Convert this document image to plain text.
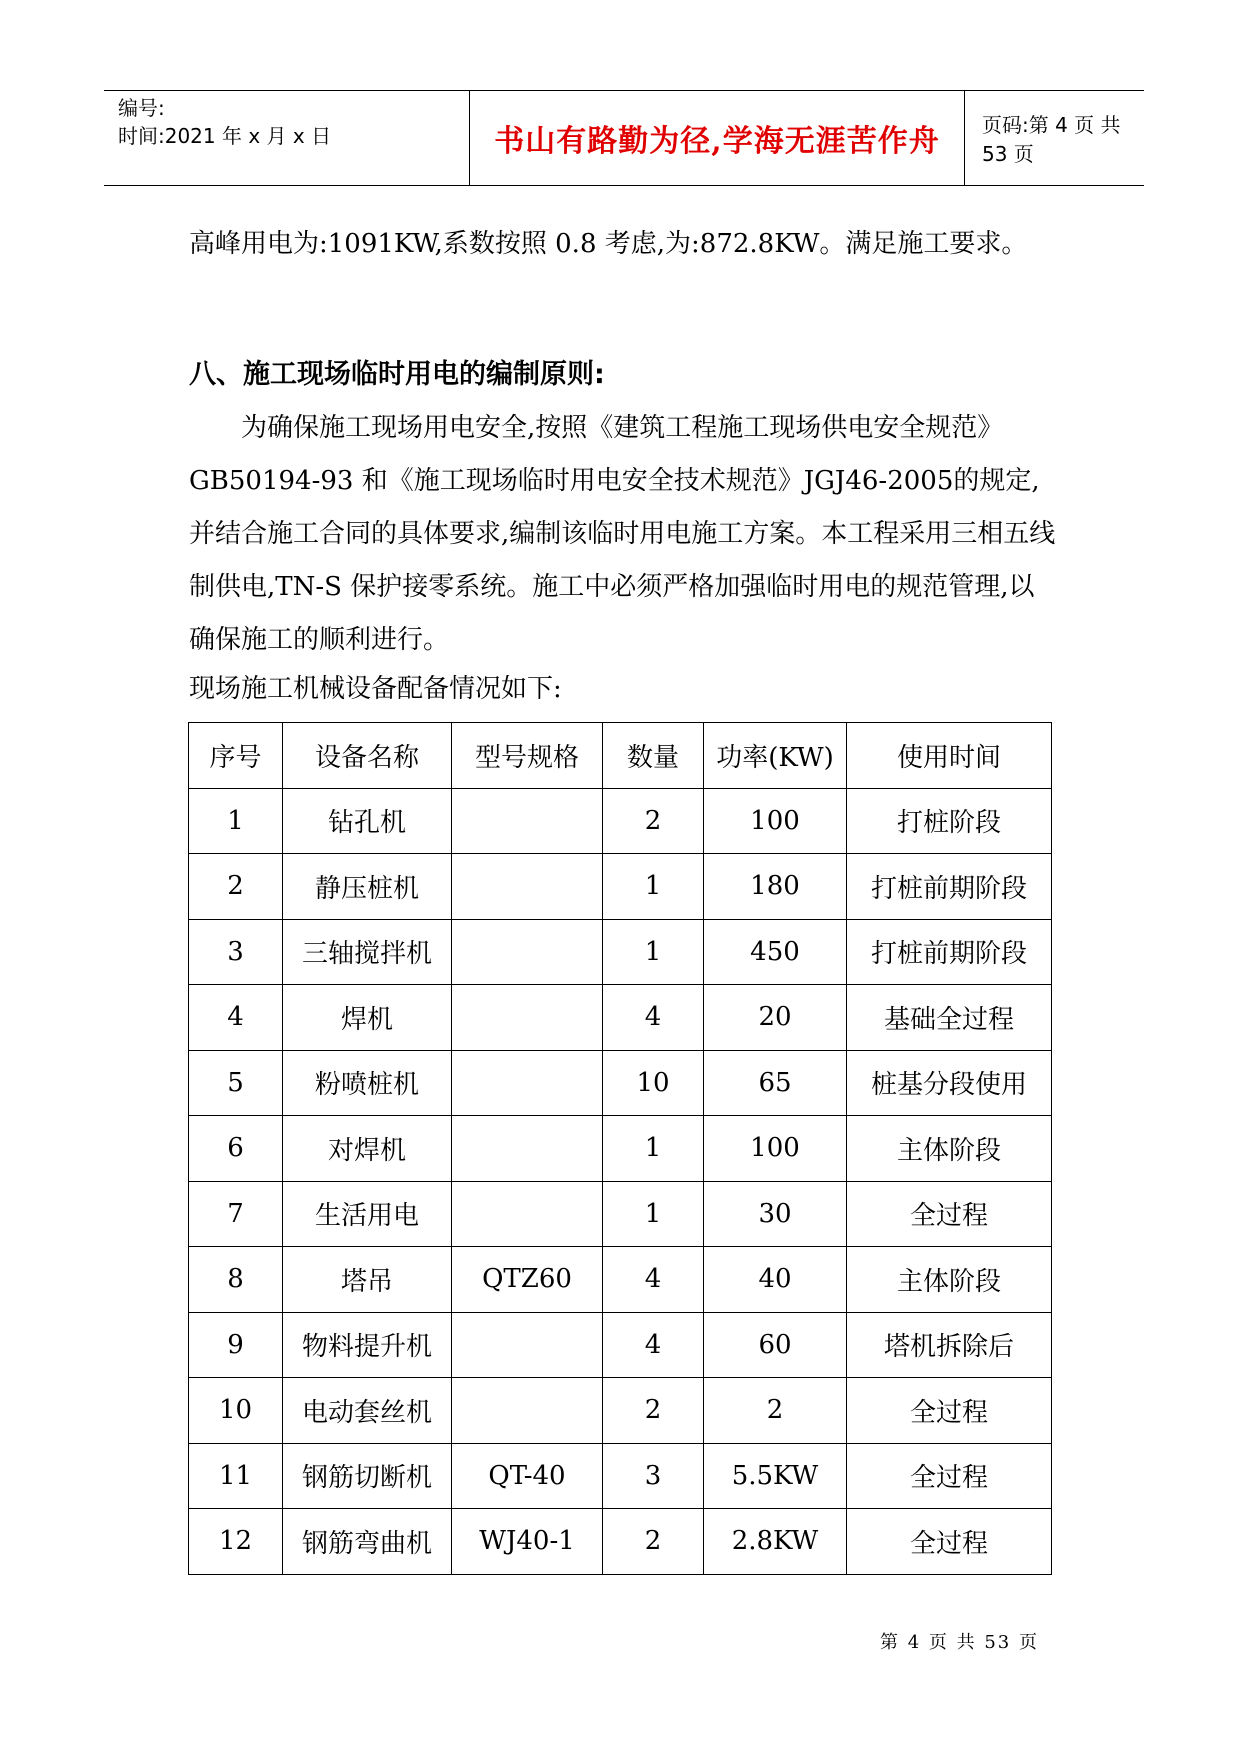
编号:
时间:2021 年 x 月 x 日	书山有路勤为径,学海无涯苦作舟	页码:第 4 页 共 53 页

高峰用电为:1091KW,系数按照 0.8 考虑,为:872.8KW。满足施工要求。

八、施工现场临时用电的编制原则:

为确保施工现场用电安全,按照《建筑工程施工现场供电安全规范》GB50194-93 和《施工现场临时用电安全技术规范》JGJ46-2005的规定,并结合施工合同的具体要求,编制该临时用电施工方案。本工程采用三相五线制供电,TN-S 保护接零系统。施工中必须严格加强临时用电的规范管理,以确保施工的顺利进行。

现场施工机械设备配备情况如下:

序号	设备名称	型号规格	数量	功率(KW)	使用时间
1	钻孔机		2	100	打桩阶段
2	静压桩机		1	180	打桩前期阶段
3	三轴搅拌机		1	450	打桩前期阶段
4	焊机		4	20	基础全过程
5	粉喷桩机		10	65	桩基分段使用
6	对焊机		1	100	主体阶段
7	生活用电		1	30	全过程
8	塔吊	QTZ60	4	40	主体阶段
9	物料提升机		4	60	塔机拆除后
10	电动套丝机		2	2	全过程
11	钢筋切断机	QT-40	3	5.5KW	全过程
12	钢筋弯曲机	WJ40-1	2	2.8KW	全过程
第 4 页 共 53 页
